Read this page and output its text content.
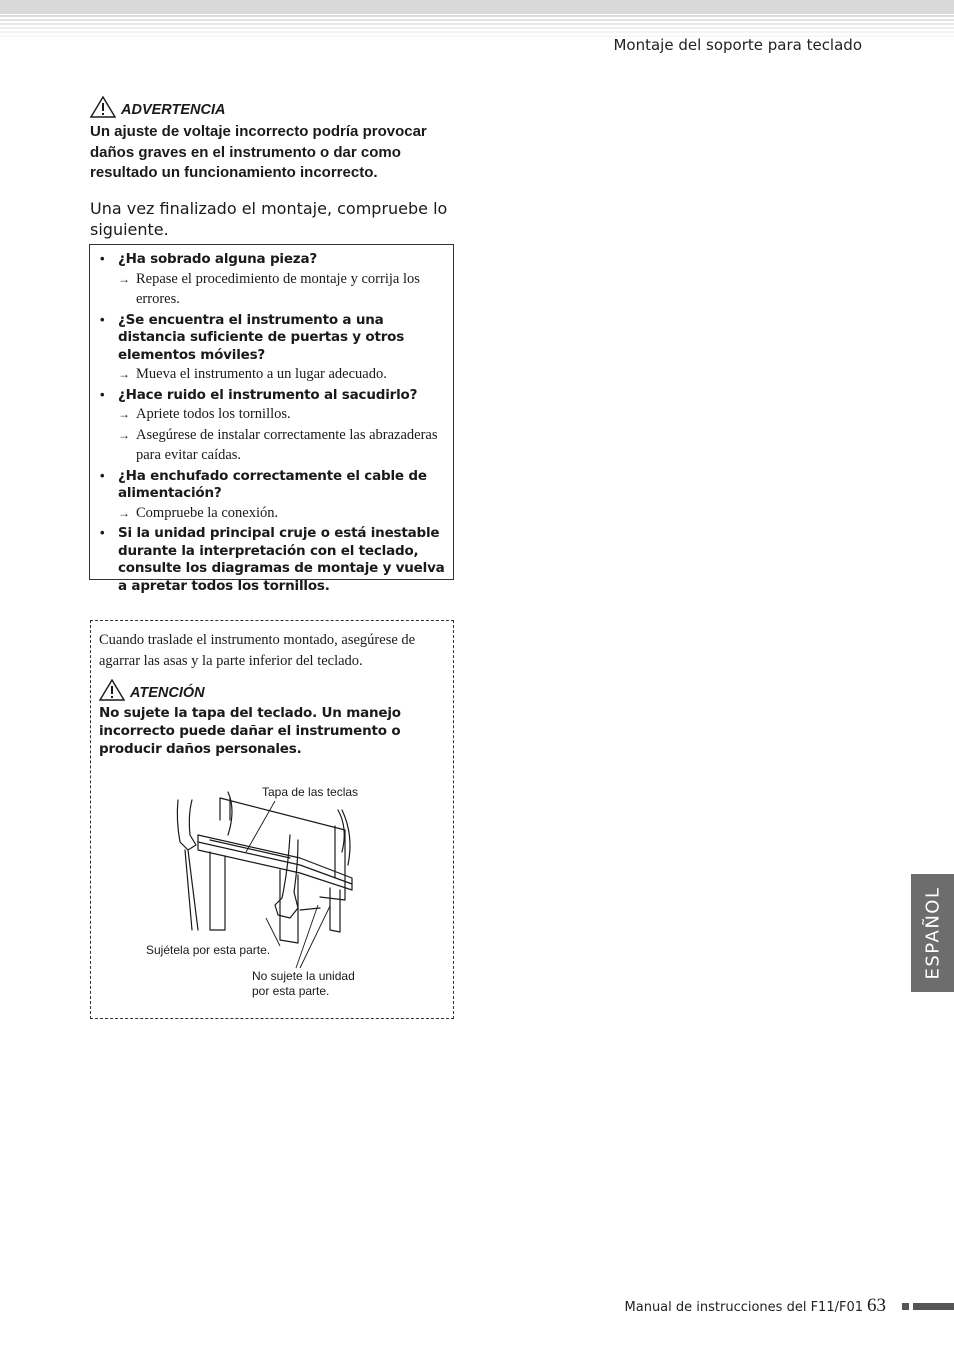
Montaje del soporte para teclado
ADVERTENCIA
Un ajuste de voltaje incorrecto podría provocar daños graves en el instrumento o dar como resultado un funcionamiento incorrecto.
Una vez finalizado el montaje, compruebe lo siguiente.
• ¿Ha sobrado alguna pieza?
→ Repase el procedimiento de montaje y corrija los errores.
• ¿Se encuentra el instrumento a una distancia suficiente de puertas y otros elementos móviles?
→ Mueva el instrumento a un lugar adecuado.
• ¿Hace ruido el instrumento al sacudirlo?
→ Apriete todos los tornillos.
→ Asegúrese de instalar correctamente las abrazaderas para evitar caídas.
• ¿Ha enchufado correctamente el cable de alimentación?
→ Compruebe la conexión.
• Si la unidad principal cruje o está inestable durante la interpretación con el teclado, consulte los diagramas de montaje y vuelva a apretar todos los tornillos.
Cuando traslade el instrumento montado, asegúrese de agarrar las asas y la parte inferior del teclado.
ATENCIÓN
No sujete la tapa del teclado. Un manejo incorrecto puede dañar el instrumento o producir daños personales.
Tapa de las teclas
Sujétela por esta parte.
No sujete la unidad
por esta parte.
ESPAÑOL
Manual de instrucciones del F11/F01 63
